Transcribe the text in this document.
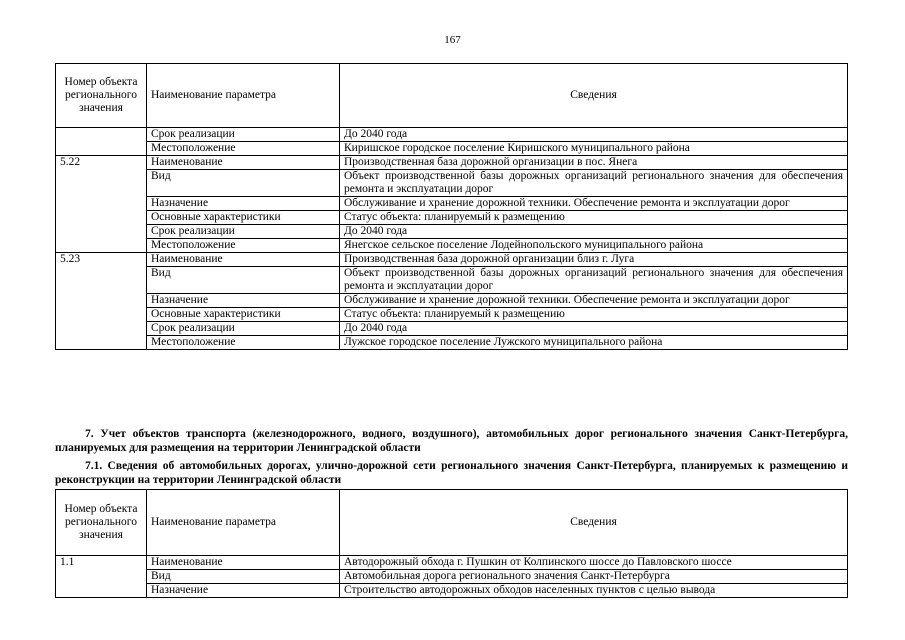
167
Номер объекта регионального значения	Наименование параметра	Сведения
	Срок реализации	До 2040 года
	Местоположение	Киришское городское поселение Киришского муниципального района
5.22	Наименование	Производственная база дорожной организации в пос. Янега
	Вид	Объект производственной базы дорожных организаций регионального значения для обеспечения ремонта и эксплуатации дорог
	Назначение	Обслуживание и хранение дорожной техники. Обеспечение ремонта и эксплуатации дорог
	Основные характеристики	Статус объекта: планируемый к размещению
	Срок реализации	До 2040 года
	Местоположение	Янегское сельское поселение Лодейнопольского муниципального района
5.23	Наименование	Производственная база дорожной организации близ г. Луга
	Вид	Объект производственной базы дорожных организаций регионального значения для обеспечения ремонта и эксплуатации дорог
	Назначение	Обслуживание и хранение дорожной техники. Обеспечение ремонта и эксплуатации дорог
	Основные характеристики	Статус объекта: планируемый к размещению
	Срок реализации	До 2040 года
	Местоположение	Лужское городское поселение Лужского муниципального района
7. Учет объектов транспорта (железнодорожного, водного, воздушного), автомобильных дорог регионального значения Санкт-Петербурга, планируемых для размещения на территории Ленинградской области
7.1. Сведения об автомобильных дорогах, улично-дорожной сети регионального значения Санкт-Петербурга, планируемых к размещению и реконструкции на территории Ленинградской области
Номер объекта регионального значения	Наименование параметра	Сведения
1.1	Наименование	Автодорожный обхода г. Пушкин от Колпинского шоссе до Павловского шоссе
	Вид	Автомобильная дорога регионального значения Санкт-Петербурга
	Назначение	Строительство автодорожных обходов населенных пунктов с целью вывода
